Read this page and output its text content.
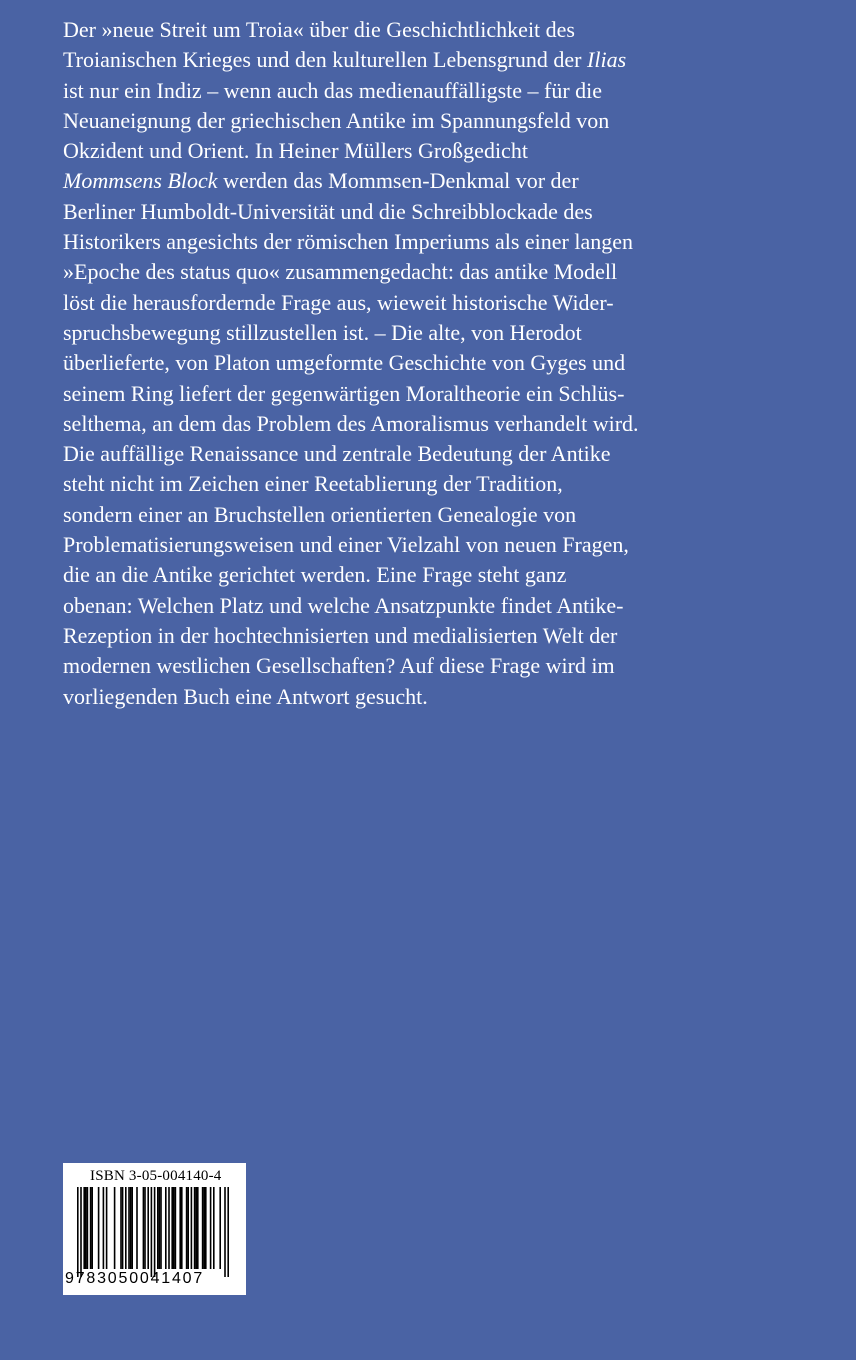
Der »neue Streit um Troia« über die Geschichtlichkeit des
Troianischen Krieges und den kulturellen Lebensgrund der Ilias
ist nur ein Indiz – wenn auch das medienauffälligste – für die
Neuaneignung der griechischen Antike im Spannungsfeld von
Okzident und Orient. In Heiner Müllers Großgedicht
Mommsens Block werden das Mommsen-Denkmal vor der
Berliner Humboldt-Universität und die Schreibblockade des
Historikers angesichts der römischen Imperiums als einer langen
»Epoche des status quo« zusammengedacht: das antike Modell
löst die herausfordernde Frage aus, wieweit historische Wider-
spruchsbewegung stillzustellen ist. – Die alte, von Herodot
überlieferte, von Platon umgeformte Geschichte von Gyges und
seinem Ring liefert der gegenwärtigen Moraltheorie ein Schlüs-
selthema, an dem das Problem des Amoralismus verhandelt wird.
Die auffällige Renaissance und zentrale Bedeutung der Antike
steht nicht im Zeichen einer Reetablierung der Tradition,
sondern einer an Bruchstellen orientierten Genealogie von
Problematisierungsweisen und einer Vielzahl von neuen Fragen,
die an die Antike gerichtet werden. Eine Frage steht ganz
obenan: Welchen Platz und welche Ansatzpunkte findet Antike-
Rezeption in der hochtechnisierten und medialisierten Welt der
modernen westlichen Gesellschaften? Auf diese Frage wird im
vorliegenden Buch eine Antwort gesucht.
ISBN 3-05-004140-4
9783050041407
